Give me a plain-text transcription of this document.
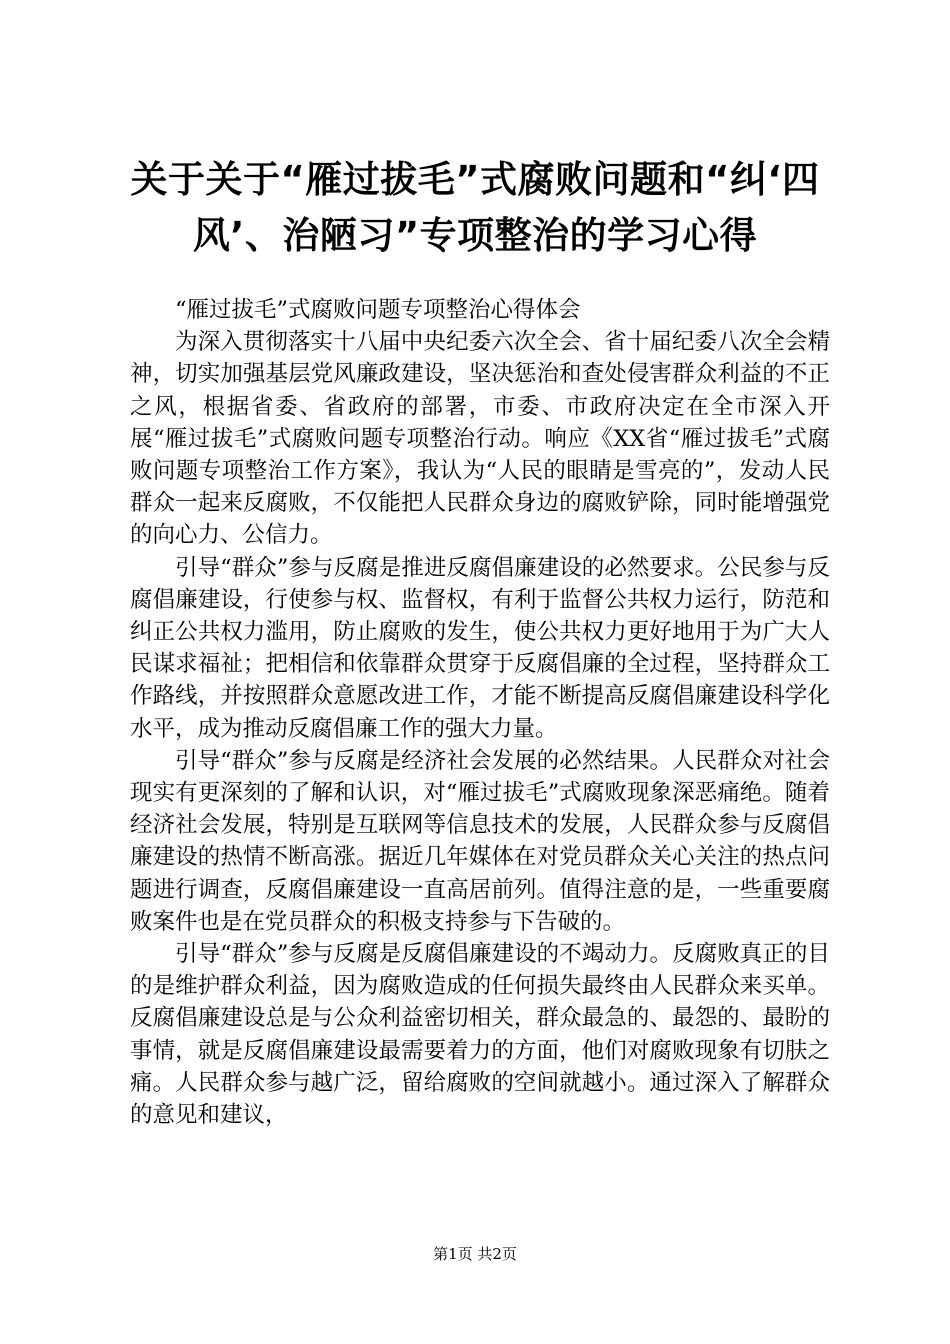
关于关于“雁过拔毛”式腐败问题和“纠‘四
风’、治陋习”专项整治的学习心得

“雁过拔毛”式腐败问题专项整治心得体会

为深入贯彻落实十八届中央纪委六次全会、省十届纪委八次全会精神，切实加强基层党风廉政建设，坚决惩治和查处侵害群众利益的不正之风，根据省委、省政府的部署，市委、市政府决定在全市深入开展“雁过拔毛”式腐败问题专项整治行动。响应《XX省“雁过拔毛”式腐败问题专项整治工作方案》，我认为“人民的眼睛是雪亮的”，发动人民群众一起来反腐败，不仅能把人民群众身边的腐败铲除，同时能增强党的向心力、公信力。

引导“群众”参与反腐是推进反腐倡廉建设的必然要求。公民参与反腐倡廉建设，行使参与权、监督权，有利于监督公共权力运行，防范和纠正公共权力滥用，防止腐败的发生，使公共权力更好地用于为广大人民谋求福祉；把相信和依靠群众贯穿于反腐倡廉的全过程，坚持群众工作路线，并按照群众意愿改进工作，才能不断提高反腐倡廉建设科学化水平，成为推动反腐倡廉工作的强大力量。

引导“群众”参与反腐是经济社会发展的必然结果。人民群众对社会现实有更深刻的了解和认识，对“雁过拔毛”式腐败现象深恶痛绝。随着经济社会发展，特别是互联网等信息技术的发展，人民群众参与反腐倡廉建设的热情不断高涨。据近几年媒体在对党员群众关心关注的热点问题进行调查，反腐倡廉建设一直高居前列。值得注意的是，一些重要腐败案件也是在党员群众的积极支持参与下告破的。

引导“群众”参与反腐是反腐倡廉建设的不竭动力。反腐败真正的目的是维护群众利益，因为腐败造成的任何损失最终由人民群众来买单。反腐倡廉建设总是与公众利益密切相关，群众最急的、最怨的、最盼的事情，就是反腐倡廉建设最需要着力的方面，他们对腐败现象有切肤之痛。人民群众参与越广泛，留给腐败的空间就越小。通过深入了解群众的意见和建议，

第1页 共2页
